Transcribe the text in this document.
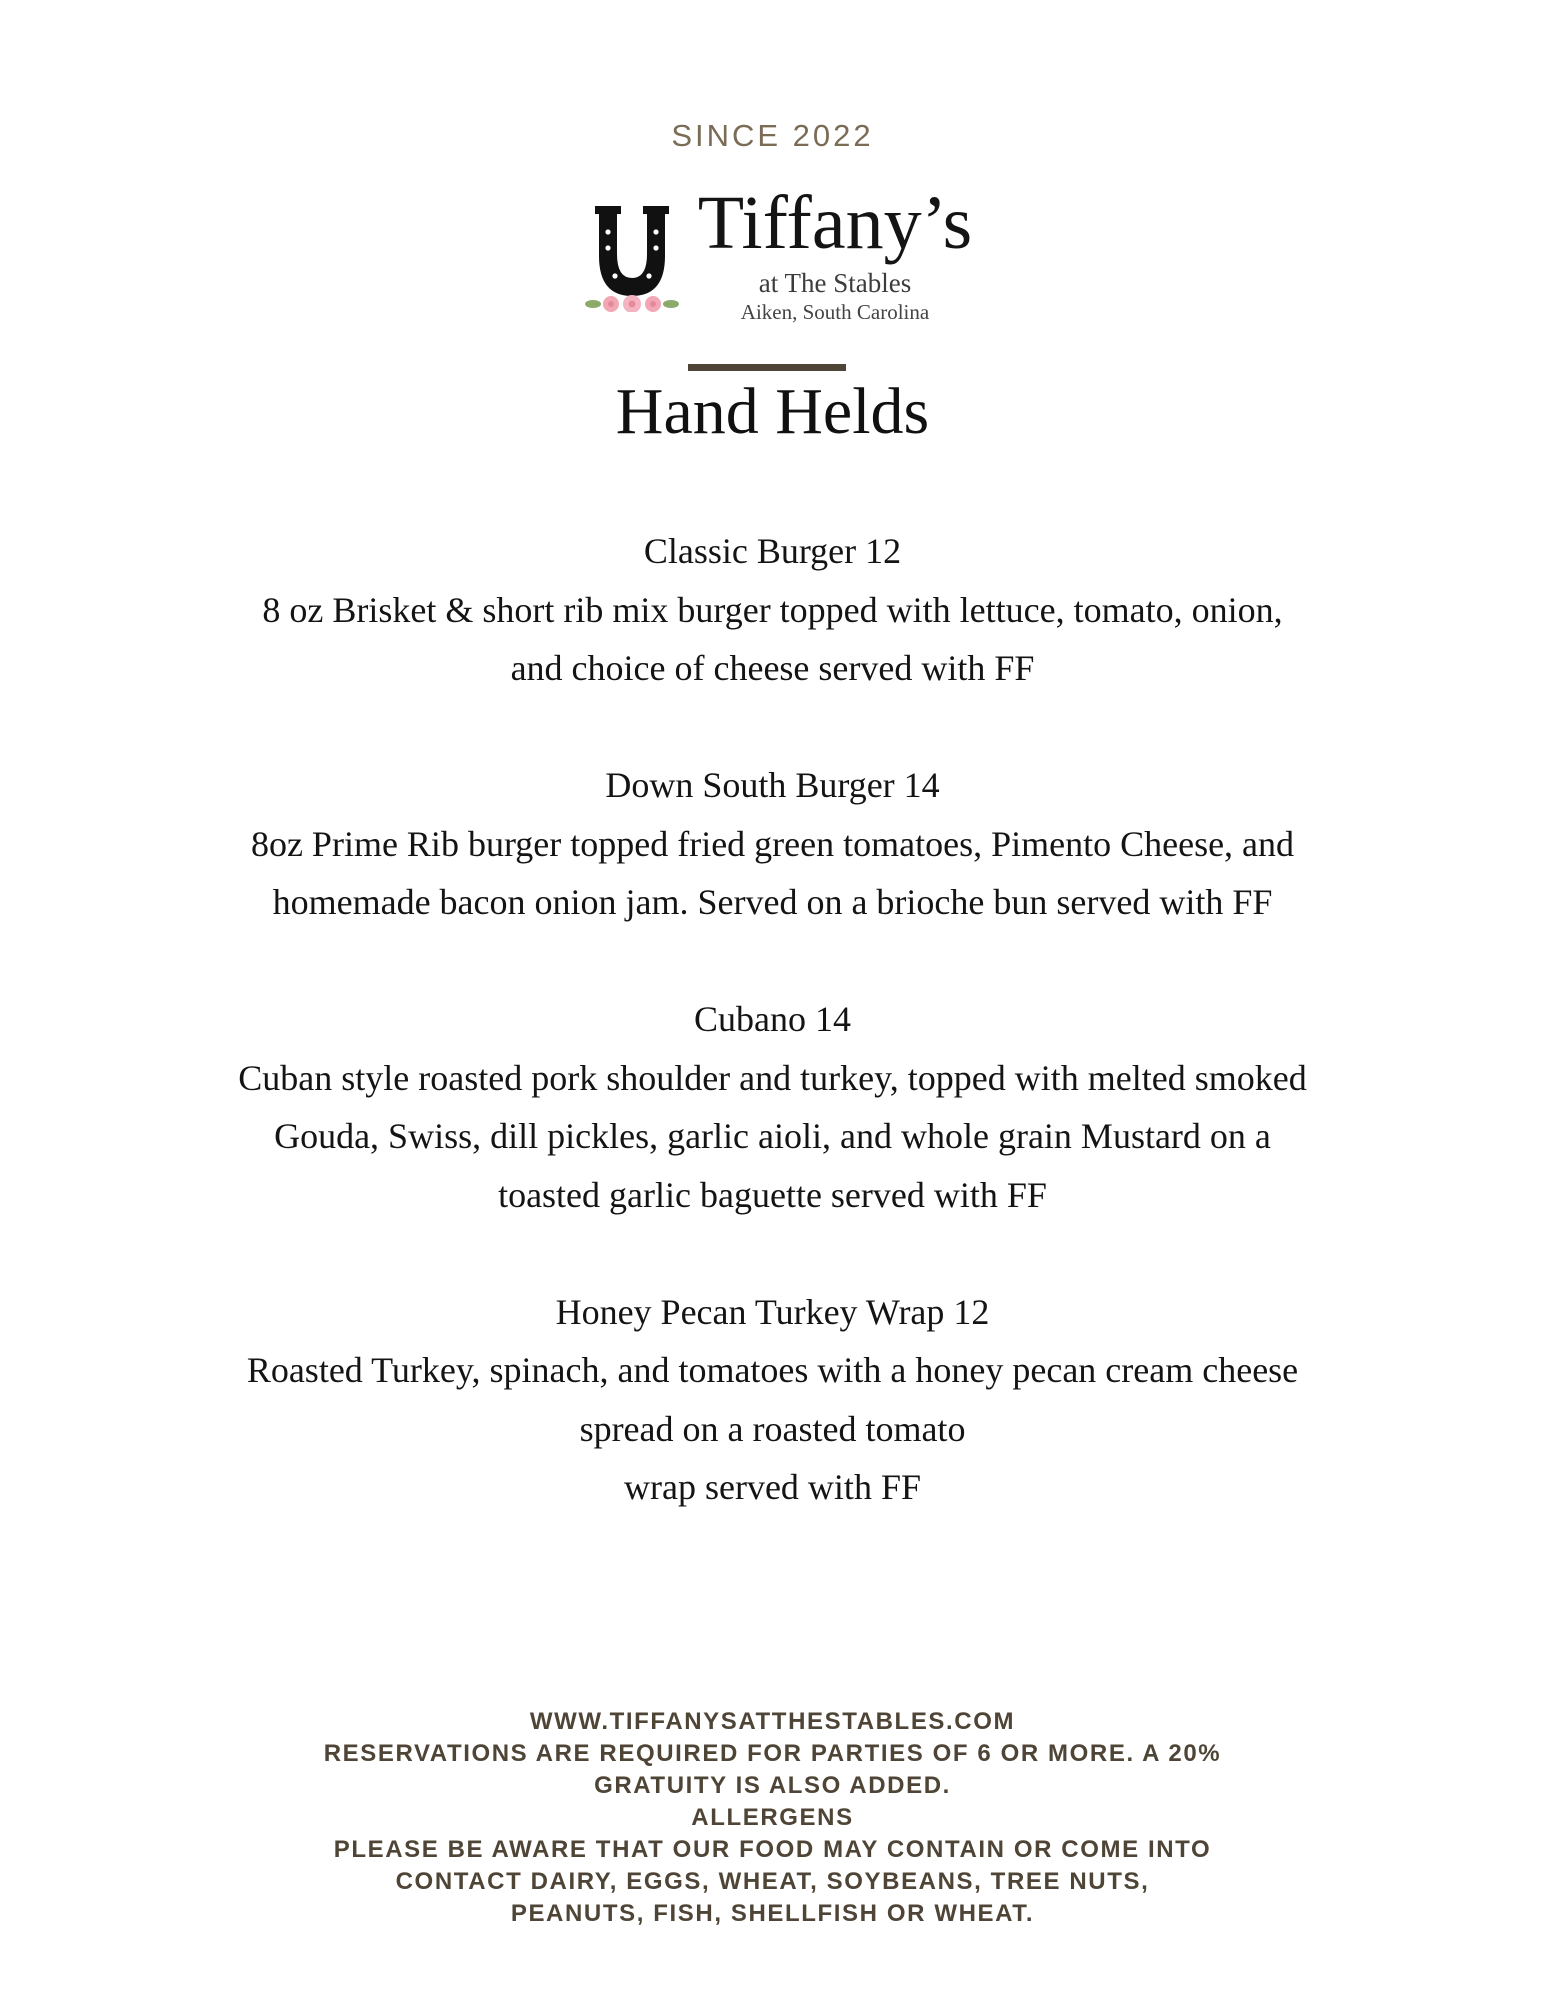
SINCE 2022
Tiffany’s
at The Stables
Aiken, South Carolina
Hand Helds

Classic Burger 12

8 oz Brisket & short rib mix burger topped with lettuce, tomato, onion,
and choice of cheese served with FF

Down South Burger 14

8oz Prime Rib burger topped fried green tomatoes, Pimento Cheese, and
homemade bacon onion jam. Served on a brioche bun served with FF

Cubano 14

Cuban style roasted pork shoulder and turkey, topped with melted smoked
Gouda, Swiss, dill pickles, garlic aioli, and whole grain Mustard on a
toasted garlic baguette served with FF

Honey Pecan Turkey Wrap 12

Roasted Turkey, spinach, and tomatoes with a honey pecan cream cheese
spread on a roasted tomato
wrap served with FF
WWW.TIFFANYSATTHESTABLES.COM
RESERVATIONS ARE REQUIRED FOR PARTIES OF 6 OR MORE. A 20%
GRATUITY IS ALSO ADDED.
ALLERGENS
PLEASE BE AWARE THAT OUR FOOD MAY CONTAIN OR COME INTO
CONTACT DAIRY, EGGS, WHEAT, SOYBEANS, TREE NUTS,
PEANUTS, FISH, SHELLFISH OR WHEAT.
